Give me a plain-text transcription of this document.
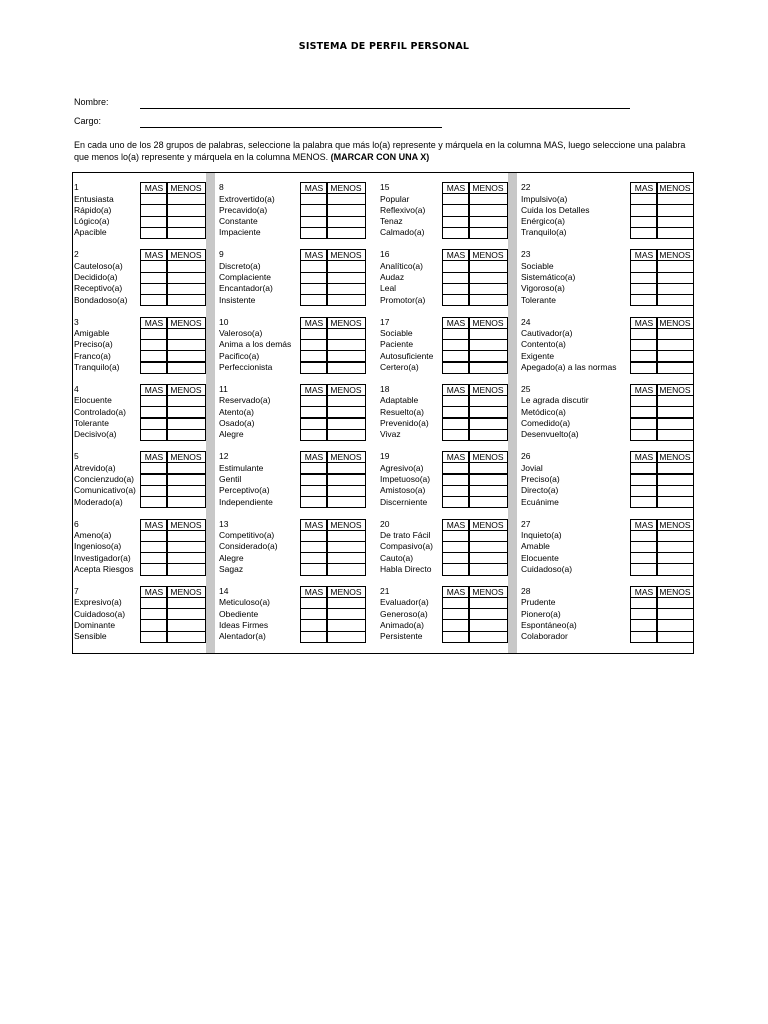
SISTEMA DE PERFIL PERSONAL
Nombre:
Cargo:
En cada uno de los 28 grupos de palabras, seleccione la palabra que más lo(a) represente y márquela en la columna MAS, luego seleccione una palabra que menos lo(a) represente y márquela en la columna MENOS. (MARCAR CON UNA X)
1	MAS MENOS
Entusiasta
Rápido(a)
Lógico(a)
Apacible
2	MAS MENOS
Cauteloso(a)
Decidido(a)
Receptivo(a)
Bondadoso(a)
3	MAS MENOS
Amigable
Preciso(a)
Franco(a)
Tranquilo(a)
4	MAS MENOS
Elocuente
Controlado(a)
Tolerante
Decisivo(a)
5	MAS MENOS
Atrevido(a)
Concienzudo(a)
Comunicativo(a)
Moderado(a)
6	MAS MENOS
Ameno(a)
Ingenioso(a)
Investigador(a)
Acepta Riesgos
7	MAS MENOS
Expresivo(a)
Cuidadoso(a)
Dominante
Sensible
8	MAS MENOS
Extrovertido(a)
Precavido(a)
Constante
Impaciente
9	MAS MENOS
Discreto(a)
Complaciente
Encantador(a)
Insistente
10	MAS MENOS
Valeroso(a)
Anima a los demás
Pacifico(a)
Perfeccionista
11	MAS MENOS
Reservado(a)
Atento(a)
Osado(a)
Alegre
12	MAS MENOS
Estimulante
Gentil
Perceptivo(a)
Independiente
13	MAS MENOS
Competitivo(a)
Considerado(a)
Alegre
Sagaz
14	MAS MENOS
Meticuloso(a)
Obediente
Ideas Firmes
Alentador(a)
15	MAS MENOS
Popular
Reflexivo(a)
Tenaz
Calmado(a)
16	MAS MENOS
Analítico(a)
Audaz
Leal
Promotor(a)
17	MAS MENOS
Sociable
Paciente
Autosuficiente
Certero(a)
18	MAS MENOS
Adaptable
Resuelto(a)
Prevenido(a)
Vivaz
19	MAS MENOS
Agresivo(a)
Impetuoso(a)
Amistoso(a)
Discerniente
20	MAS MENOS
De trato Fácil
Compasivo(a)
Cauto(a)
Habla Directo
21	MAS MENOS
Evaluador(a)
Generoso(a)
Animado(a)
Persistente
22	MAS MENOS
Impulsivo(a)
Cuida los Detalles
Enérgico(a)
Tranquilo(a)
23	MAS MENOS
Sociable
Sistemático(a)
Vigoroso(a)
Tolerante
24	MAS MENOS
Cautivador(a)
Contento(a)
Exigente
Apegado(a) a las normas
25	MAS MENOS
Le agrada discutir
Metódico(a)
Comedido(a)
Desenvuelto(a)
26	MAS MENOS
Jovial
Preciso(a)
Directo(a)
Ecuánime
27	MAS MENOS
Inquieto(a)
Amable
Elocuente
Cuidadoso(a)
28	MAS MENOS
Prudente
Pionero(a)
Espontáneo(a)
Colaborador
